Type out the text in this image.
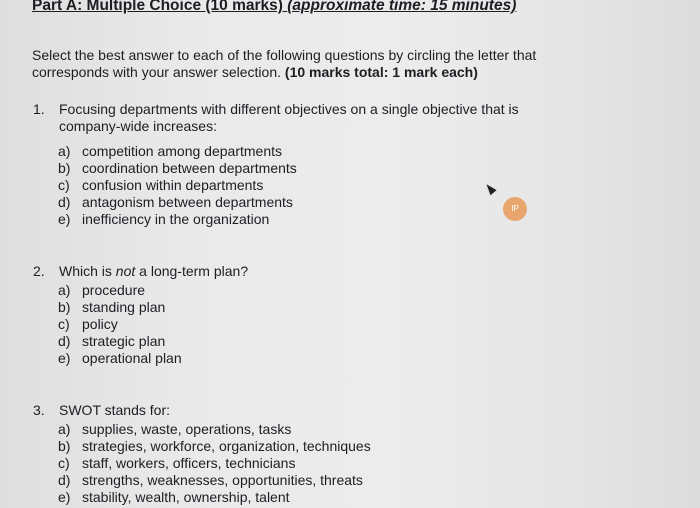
Part A: Multiple Choice (10 marks) (approximate time: 15 minutes)

Select the best answer to each of the following questions by circling the letter that

corresponds with your answer selection. (10 marks total: 1 mark each)

1. Focusing departments with different objectives on a single objective that is
company-wide increases:
a) competition among departments
b) coordination between departments
c) confusion within departments
d) antagonism between departments
e) inefficiency in the organization
2. Which is not a long-term plan?
a) procedure
b) standing plan
c) policy
d) strategic plan
e) operational plan
3. SWOT stands for:
a) supplies, waste, operations, tasks
b) strategies, workforce, organization, techniques
c) staff, workers, officers, technicians
d) strengths, weaknesses, opportunities, threats
e) stability, wealth, ownership, talent
IP
